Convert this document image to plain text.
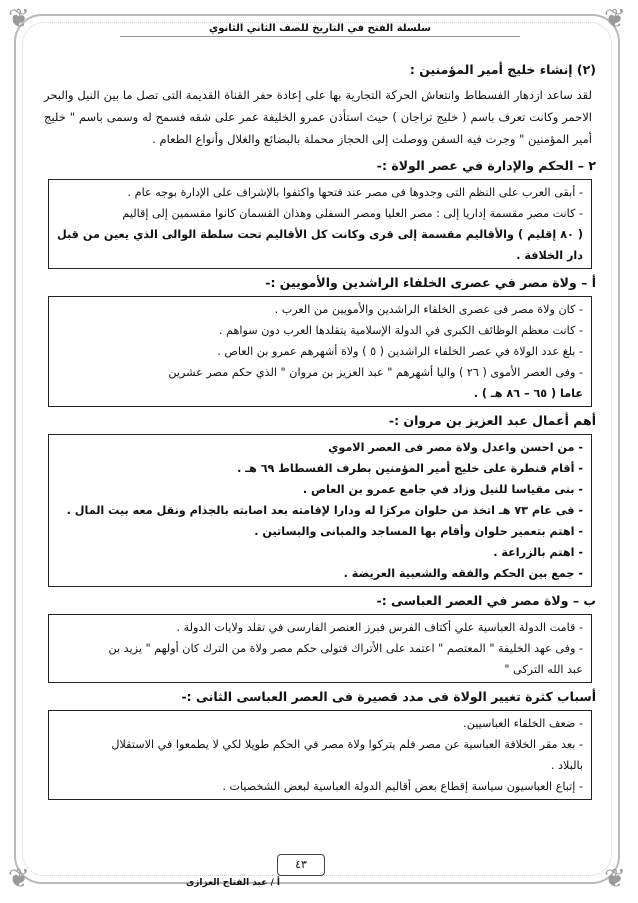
❦	❦
❦	❦
سلسلة الفتح في التاريخ للصف الثاني الثانوي
(٢) إنشاء خليج أمير المؤمنين :

لقد ساعد ازدهار الفسطاط وانتعاش الحركة التجارية بها على إعادة حفر القناة القديمة التى تصل ما بين النيل والبحر الاحمر وكانت تعرف باسم ( خليج تراجان ) حيث استأذن عمرو الخليفة عمر على شقه فسمح له وسمى باسم " خليج أمير المؤمنين " وجرت فيه السفن ووصلت إلى الحجاز محملة بالبضائع والغلال وأنواع الطعام .

٢ – الحكم والإدارة في عصر الولاة :-

- أبقى العرب على النظم التى وجدوها فى مصر عند فتحها واكتفوا بالإشراف على الإدارة بوجه عام .

- كانت مصر مقسمة إداريا إلى : مصر العليا ومصر السفلى وهذان القسمان كانوا مقسمين إلى إقاليم

( ٨٠ إقليم ) والأقاليم مقسمة إلى قرى وكانت كل الأقاليم تحت سلطة الوالى الذي يعين من قبل دار الخلافة .

أ – ولاة مصر في عصرى الخلفاء الراشدين والأمويين :-

- كان ولاة مصر فى عصرى الخلفاء الراشدين والأمويين من العرب .

- كانت معظم الوظائف الكبرى في الدولة الإسلامية يتقلدها العرب دون سواهم .

- بلغ عدد الولاة في عصر الخلفاء الراشدين ( ٥ ) ولاة أشهرهم عمرو بن العاص .

- وفى العصر الأموى ( ٢٦ ) واليا أشهرهم " عبد العزيز بن مروان " الذي حكم مصر عشرين

عاما ( ٦٥ – ٨٦ هـ ) .

أهم أعمال عبد العزيز بن مروان :-

- من احسن واعدل ولاة مصر فى العصر الاموي

- أقام قنطرة على خليج أمير المؤمنين بطرف الفسطاط ٦٩ هـ .

- بنى مقياسا للنيل وزاد في جامع عمرو بن العاص .

- فى عام ٧٣ هـ اتخذ من حلوان مركزا له ودارا لإقامته بعد اصابته بالجذام ونقل معه بيت المال .

- اهتم بتعمير حلوان وأقام بها المساجد والمبانى والبساتين .

- اهتم بالزراعة .

- جمع بين الحكم والفقه والشعبية العريضة .

ب – ولاة مصر في العصر العباسى :-

- قامت الدولة العباسية علي أكتاف الفرس فبرز العنصر الفارسى في تقلد ولايات الدولة .

- وفى عهد الخليفة " المعتصم " اعتمد على الأتراك فتولى حكم مصر ولاة من الترك كان أولهم " يزيد بن

عبد الله التركى "

أسباب كثرة تغيير الولاة فى مدد قصيرة فى العصر العباسى الثانى :-

- ضعف الخلفاء العباسيين.

- بعد مقر الخلافة العباسية عن مصر فلم يتركوا ولاة مصر في الحكم طويلا لكي لا يطمعوا في الاستقلال

بالبلاد .

- إتباع العباسيون سياسة إقطاع بعض أقاليم الدولة العباسية لبعض الشخصيات .

٤٣
أ / عبد الفتاح العزازى
